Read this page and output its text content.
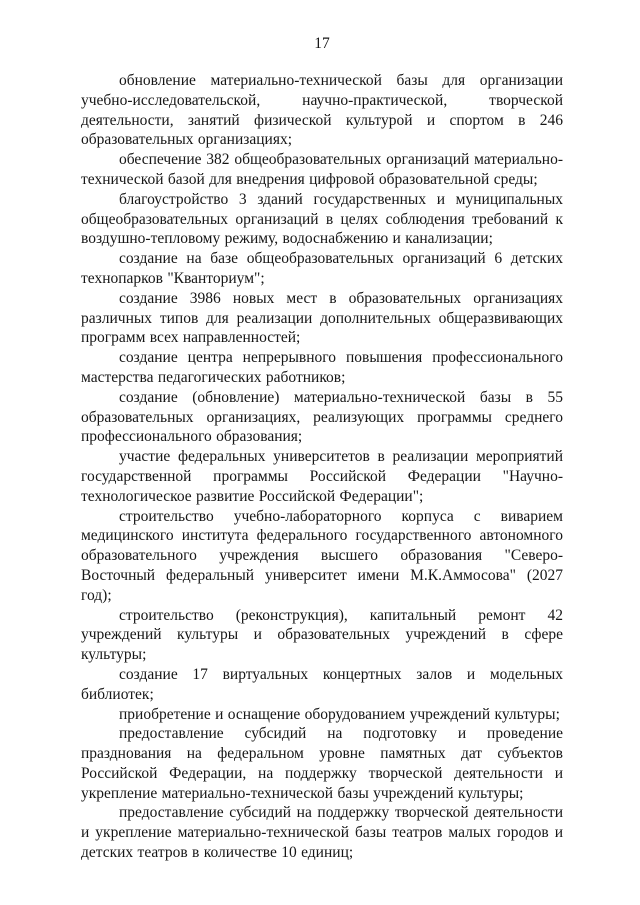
17

обновление материально-технической базы для организации учебно-исследовательской, научно-практической, творческой деятельности, занятий физической культурой и спортом в 246 образовательных организациях;

обеспечение 382 общеобразовательных организаций материально-технической базой для внедрения цифровой образовательной среды;

благоустройство 3 зданий государственных и муниципальных общеобразовательных организаций в целях соблюдения требований к воздушно-тепловому режиму, водоснабжению и канализации;

создание на базе общеобразовательных организаций 6 детских технопарков "Кванториум";

создание 3986 новых мест в образовательных организациях различных типов для реализации дополнительных общеразвивающих программ всех направленностей;

создание центра непрерывного повышения профессионального мастерства педагогических работников;

создание (обновление) материально-технической базы в 55 образовательных организациях, реализующих программы среднего профессионального образования;

участие федеральных университетов в реализации мероприятий государственной программы Российской Федерации "Научно-технологическое развитие Российской Федерации";

строительство учебно-лабораторного корпуса с виварием медицинского института федерального государственного автономного образовательного учреждения высшего образования "Северо-Восточный федеральный университет имени М.К.Аммосова" (2027 год);

строительство (реконструкция), капитальный ремонт 42 учреждений культуры и образовательных учреждений в сфере культуры;

создание 17 виртуальных концертных залов и модельных библиотек;

приобретение и оснащение оборудованием учреждений культуры;

предоставление субсидий на подготовку и проведение празднования на федеральном уровне памятных дат субъектов Российской Федерации, на поддержку творческой деятельности и укрепление материально-технической базы учреждений культуры;

предоставление субсидий на поддержку творческой деятельности и укрепление материально-технической базы театров малых городов и детских театров в количестве 10 единиц;
